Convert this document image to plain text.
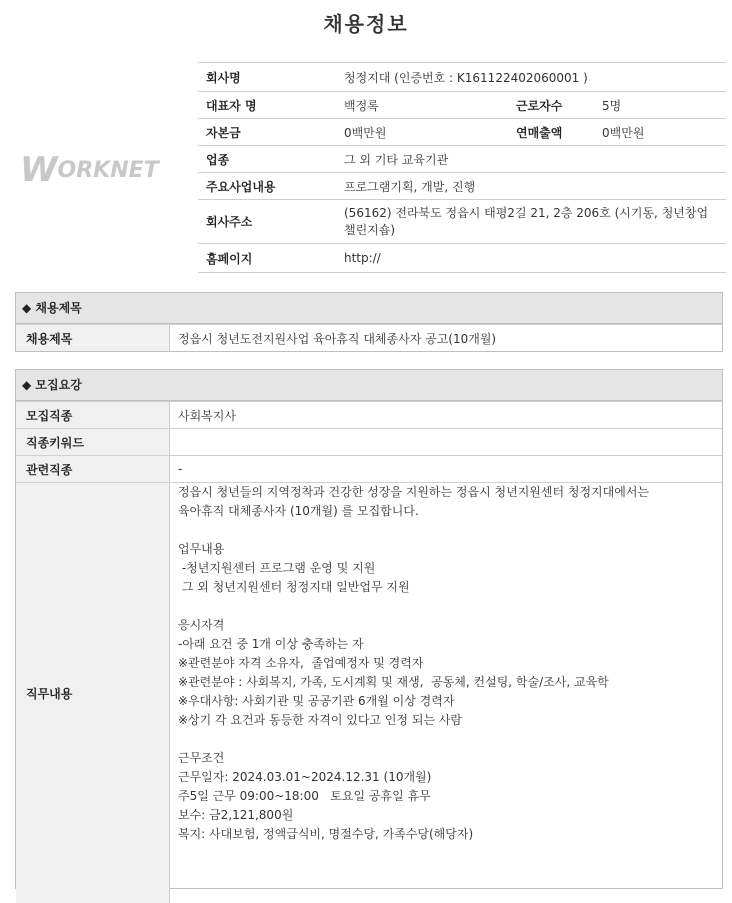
채용정보
WORKNET
회사명	청정지대 (인증번호 : K161122402060001 )		
대표자 명	백정록	근로자수	5명
자본금	0백만원	연매출액	0백만원
업종	그 외 기타 교육기관		
주요사업내용	프로그램기획, 개발, 진행		
회사주소	(56162) 전라북도 정읍시 태평2길 21, 2층 206호 (시기동, 청년창업챌린지숍)		
홈페이지	http://		
◆ 채용제목
채용제목	정읍시 청년도전지원사업 육아휴직 대체종사자 공고(10개월)
◆ 모집요강
모집직종	사회복지사
직종키워드
관련직종	-
직무내용
정읍시 청년들의 지역정착과 건강한 성장을 지원하는 정읍시 청년지원센터 청정지대에서는
육아휴직 대체종사자 (10개월) 를 모집합니다.

업무내용
-청년지원센터 프로그램 운영 및 지원
그 외 청년지원센터 청정지대 일반업무 지원

응시자격
-아래 요건 중 1개 이상 충족하는 자
※관련분야 자격 소유자,  졸업예정자 및 경력자
※관련분야 : 사회복지, 가족, 도시계획 및 재생,  공동체, 컨설팅, 학술/조사, 교육학
※우대사항: 사회기관 및 공공기관 6개월 이상 경력자
※상기 각 요건과 동등한 자격이 있다고 인정 되는 사람

근무조건
근무일자: 2024.03.01~2024.12.31 (10개월)
주5일 근무 09:00~18:00   토요일 공휴일 휴무
보수: 금2,121,800원
복지: 사대보험, 정액급식비, 명절수당, 가족수당(해당자)
